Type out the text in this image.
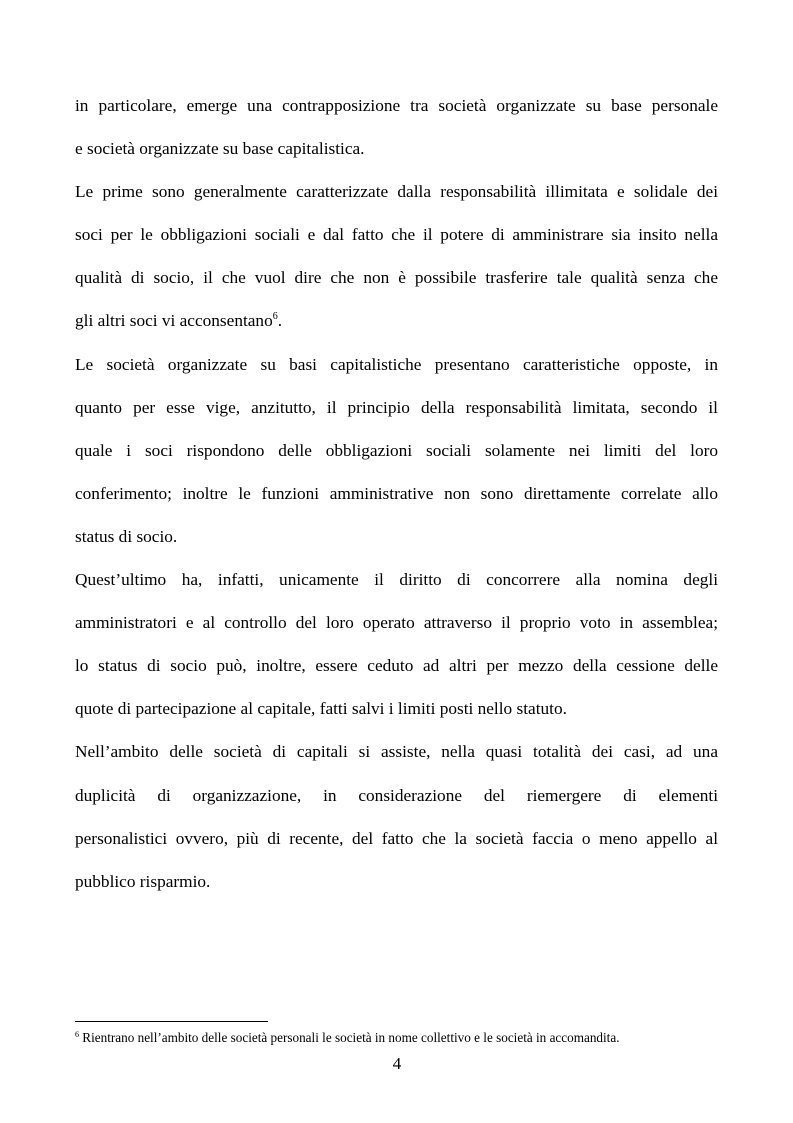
in particolare, emerge una contrapposizione tra società organizzate su base personale
e società organizzate su base capitalistica.
Le prime sono generalmente caratterizzate dalla responsabilità illimitata e solidale dei
soci per le obbligazioni sociali e dal fatto che il potere di amministrare sia insito nella
qualità di socio, il che vuol dire che non è possibile trasferire tale qualità senza che
gli altri soci vi acconsentano$^6$.
Le società organizzate su basi capitalistiche presentano caratteristiche opposte, in
quanto per esse vige, anzitutto, il principio della responsabilità limitata, secondo il
quale i soci rispondono delle obbligazioni sociali solamente nei limiti del loro
conferimento; inoltre le funzioni amministrative non sono direttamente correlate allo
status di socio.
Quest’ultimo ha, infatti, unicamente il diritto di concorrere alla nomina degli
amministratori e al controllo del loro operato attraverso il proprio voto in assemblea;
lo status di socio può, inoltre, essere ceduto ad altri per mezzo della cessione delle
quote di partecipazione al capitale, fatti salvi i limiti posti nello statuto.
Nell’ambito delle società di capitali si assiste, nella quasi totalità dei casi, ad una
duplicità di organizzazione, in considerazione del riemergere di elementi
personalistici ovvero, più di recente, del fatto che la società faccia o meno appello al
pubblico risparmio.
$^6$ Rientrano nell’ambito delle società personali le società in nome collettivo e le società in accomandita.
4
